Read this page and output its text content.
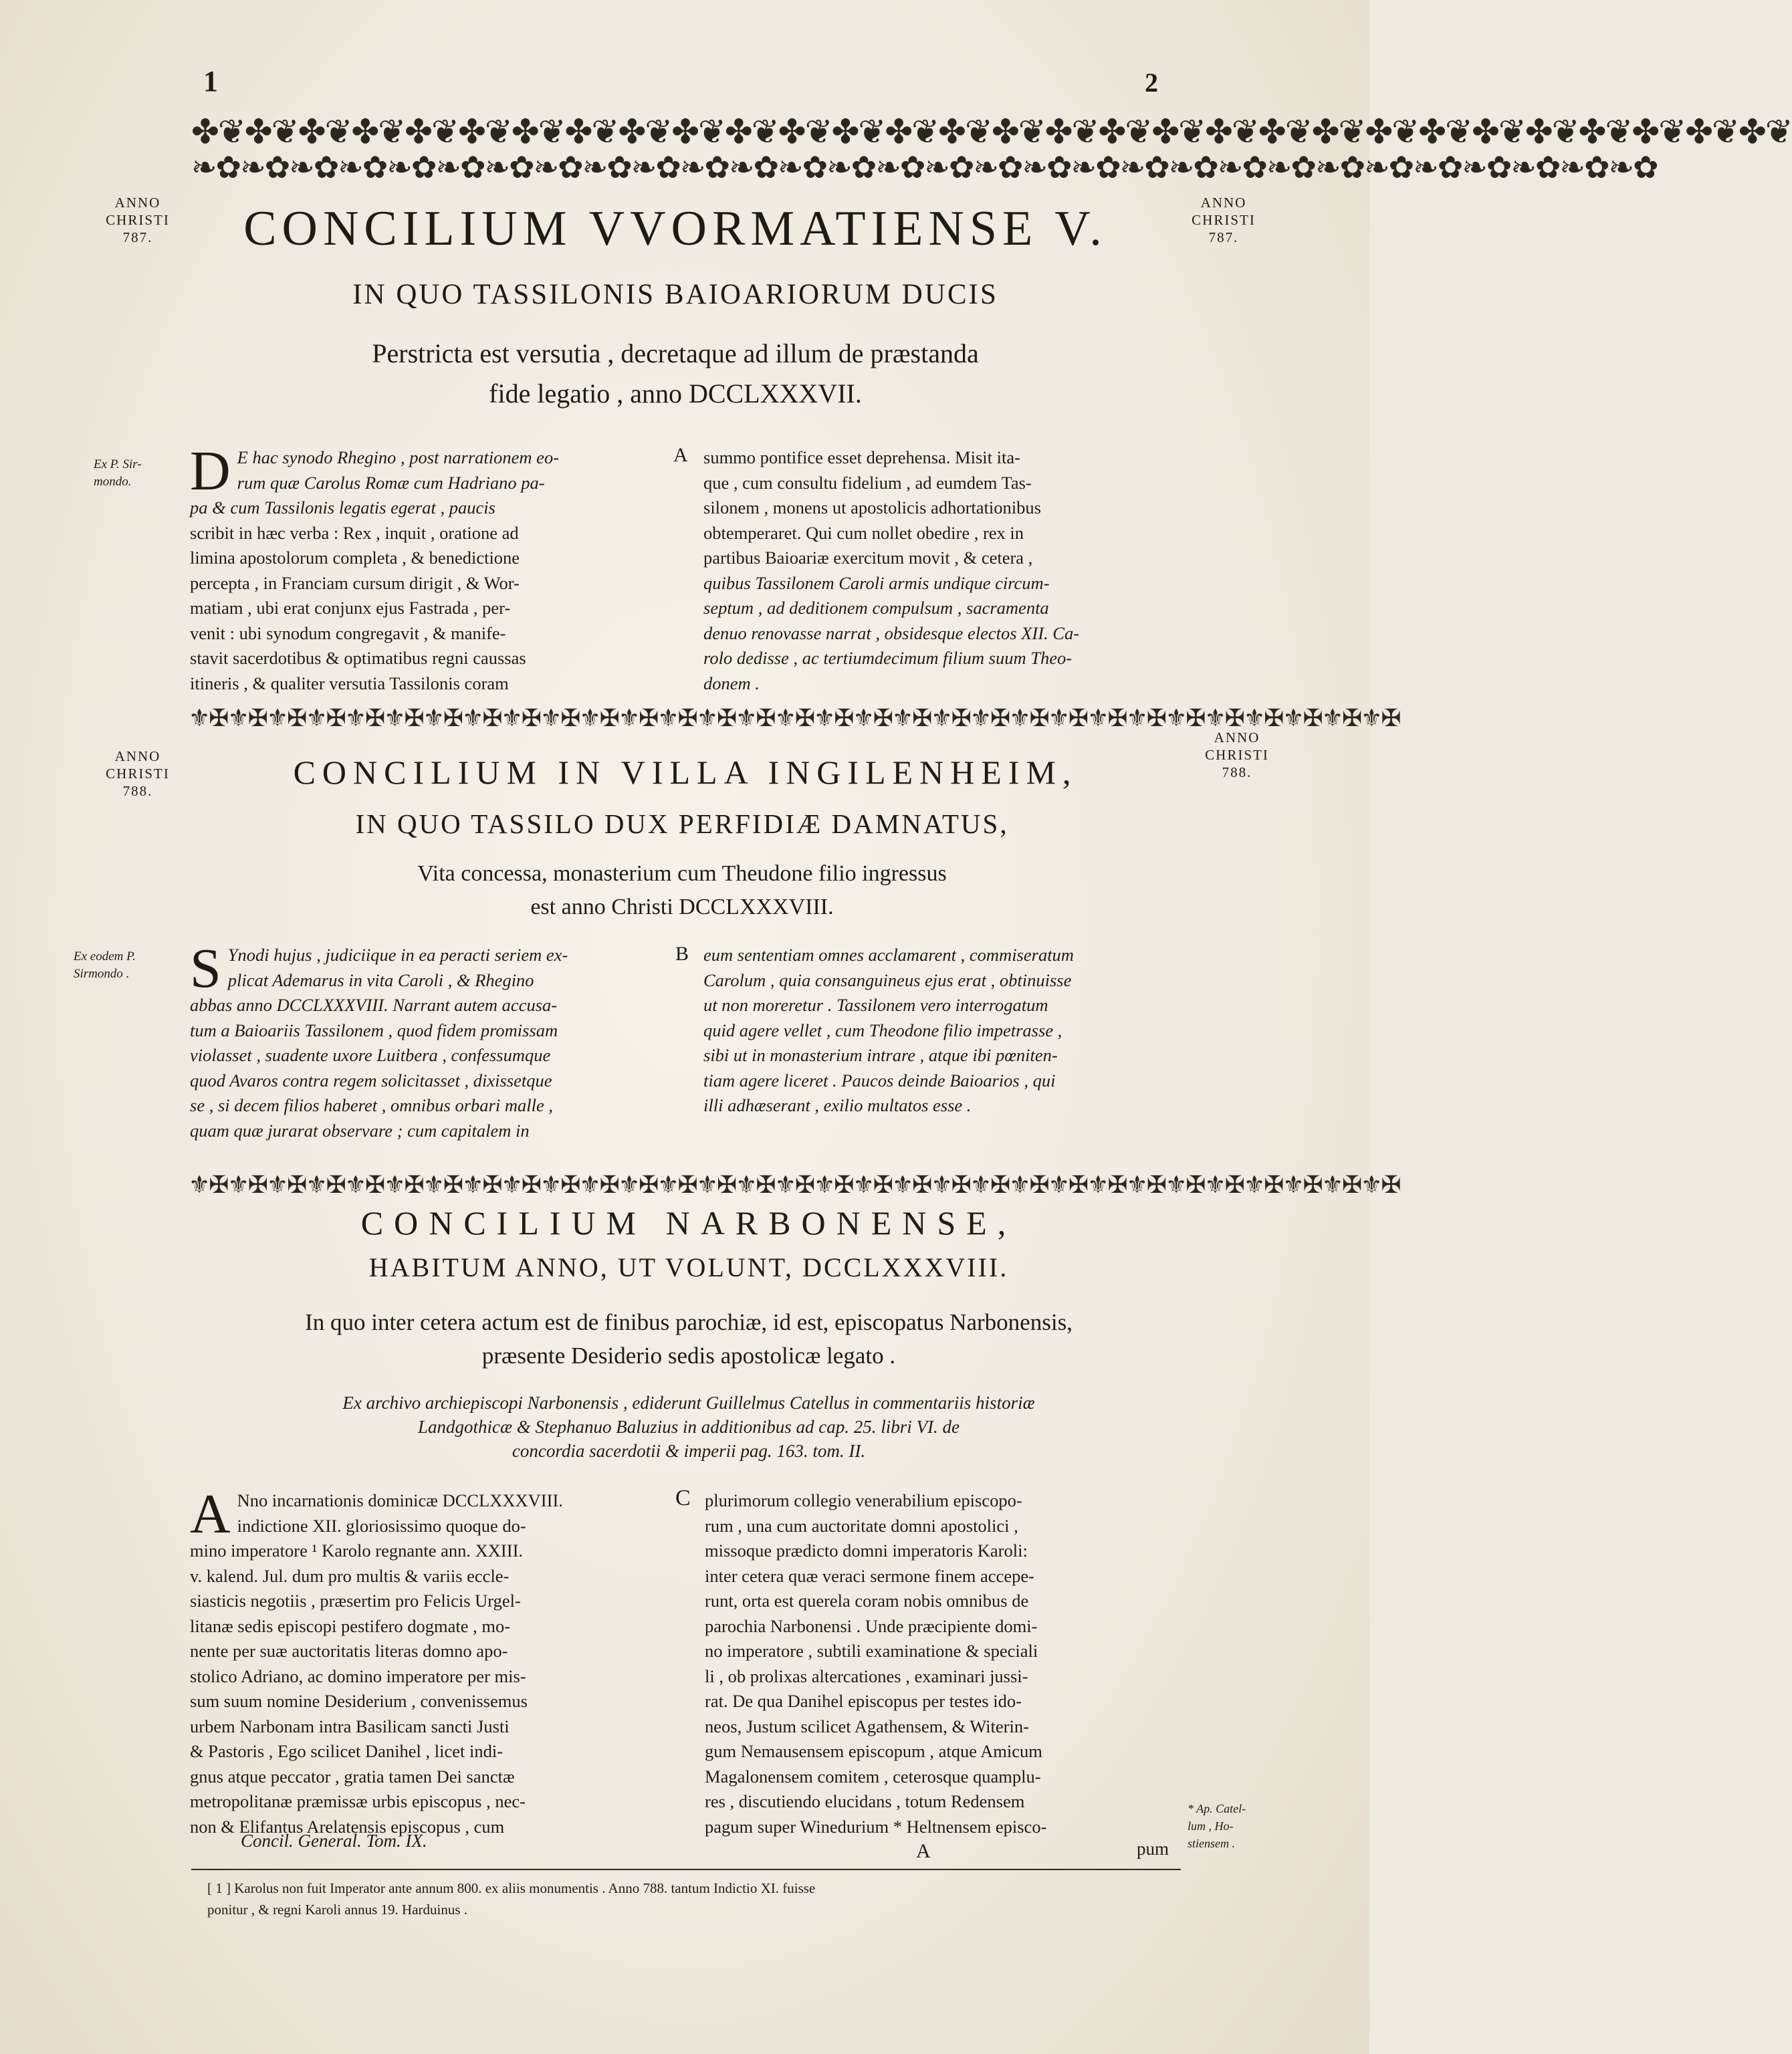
1	2
✤❦✤❦✤❦✤❦✤❦✤❦✤❦✤❦✤❦✤❦✤❦✤❦✤❦✤❦✤❦✤❦✤❦✤❦✤❦✤❦✤❦✤❦✤❦✤❦✤❦✤❦✤❦✤❦✤❦✤❦
❧✿❧✿❧✿❧✿❧✿❧✿❧✿❧✿❧✿❧✿❧✿❧✿❧✿❧✿❧✿❧✿❧✿❧✿❧✿❧✿❧✿❧✿❧✿❧✿❧✿❧✿❧✿❧✿❧✿❧✿
ANNO
CHRISTI
787.
ANNO
CHRISTI
787.
CONCILIUM VVORMATIENSE V.
IN QUO TASSILONIS BAIOARIORUM DUCIS
Perstricta est versutia , decretaque ad illum de præstanda
fide legatio , anno DCCLXXXVII.
Ex P. Sir-
mondo.	D E hac synodo Rhegino , post narrationem eo-
rum quæ Carolus Romæ cum Hadriano pa-
pa & cum Tassilonis legatis egerat , paucis
scribit in hæc verba : Rex , inquit , oratione ad
limina apostolorum completa , & benedictione
percepta , in Franciam cursum dirigit , & Wor-
matiam , ubi erat conjunx ejus Fastrada , per-
venit : ubi synodum congregavit , & manife-
stavit sacerdotibus & optimatibus regni caussas
itineris , & qualiter versutia Tassilonis coram
A summo pontifice esset deprehensa. Misit ita-
que , cum consultu fidelium , ad eumdem Tas-
silonem , monens ut apostolicis adhortationibus
obtemperaret. Qui cum nollet obedire , rex in
partibus Baioariæ exercitum movit , & cetera ,
quibus Tassilonem Caroli armis undique circum-
septum , ad deditionem compulsum , sacramenta
denuo renovasse narrat , obsidesque electos XII. Ca-
rolo dedisse , ac tertiumdecimum filium suum Theo-
donem .
⚜✠⚜✠⚜✠⚜✠⚜✠⚜✠⚜✠⚜✠⚜✠⚜✠⚜✠⚜✠⚜✠⚜✠⚜✠⚜✠⚜✠⚜✠⚜✠⚜✠⚜✠⚜✠⚜✠⚜✠⚜✠⚜✠⚜✠⚜✠⚜✠⚜✠⚜✠
ANNO
CHRISTI
788.
ANNO
CHRISTI
788.
CONCILIUM IN VILLA INGILENHEIM,
IN QUO TASSILO DUX PERFIDIÆ DAMNATUS,
Vita concessa, monasterium cum Theudone filio ingressus
est anno Christi DCCLXXXVIII.
Ex eodem P.
Sirmondo .	S Ynodi hujus , judiciique in ea peracti seriem ex-
plicat Ademarus in vita Caroli , & Rhegino
abbas anno DCCLXXXVIII. Narrant autem accusa-
tum a Baioariis Tassilonem , quod fidem promissam
violasset , suadente uxore Luitbera , confessumque
quod Avaros contra regem solicitasset , dixissetque
se , si decem filios haberet , omnibus orbari malle ,
quam quæ jurarat observare ; cum capitalem in
B eum sententiam omnes acclamarent , commiseratum
Carolum , quia consanguineus ejus erat , obtinuisse
ut non moreretur . Tassilonem vero interrogatum
quid agere vellet , cum Theodone filio impetrasse ,
sibi ut in monasterium intrare , atque ibi pœniten-
tiam agere liceret . Paucos deinde Baioarios , qui
illi adhæserant , exilio multatos esse .
⚜✠⚜✠⚜✠⚜✠⚜✠⚜✠⚜✠⚜✠⚜✠⚜✠⚜✠⚜✠⚜✠⚜✠⚜✠⚜✠⚜✠⚜✠⚜✠⚜✠⚜✠⚜✠⚜✠⚜✠⚜✠⚜✠⚜✠⚜✠⚜✠⚜✠⚜✠
CONCILIUM NARBONENSE,
HABITUM ANNO, UT VOLUNT, DCCLXXXVIII.
In quo inter cetera actum est de finibus parochiæ, id est, episcopatus Narbonensis,
præsente Desiderio sedis apostolicæ legato .
Ex archivo archiepiscopi Narbonensis , ediderunt Guillelmus Catellus in commentariis historiæ
Landgothicæ & Stephanuo Baluzius in additionibus ad cap. 25. libri VI. de
concordia sacerdotii & imperii pag. 163. tom. II.
A Nno incarnationis dominicæ DCCLXXXVIII.
indictione XII. gloriosissimo quoque do-
mino imperatore ¹ Karolo regnante ann. XXIII.
v. kalend. Jul. dum pro multis & variis eccle-
siasticis negotiis , præsertim pro Felicis Urgel-
litanæ sedis episcopi pestifero dogmate , mo-
nente per suæ auctoritatis literas domno apo-
stolico Adriano, ac domino imperatore per mis-
sum suum nomine Desiderium , convenissemus
urbem Narbonam intra Basilicam sancti Justi
& Pastoris , Ego scilicet Danihel , licet indi-
gnus atque peccator , gratia tamen Dei sanctæ
metropolitanæ præmissæ urbis episcopus , nec-
non & Elifantus Arelatensis episcopus , cum
Concil. General. Tom. IX.
C plurimorum collegio venerabilium episcopo-
rum , una cum auctoritate domni apostolici ,
missoque prædicto domni imperatoris Karoli:
inter cetera quæ veraci sermone finem accepe-
runt, orta est querela coram nobis omnibus de
parochia Narbonensi . Unde præcipiente domi-
no imperatore , subtili examinatione & speciali
li , ob prolixas altercationes , examinari jussi-
rat. De qua Danihel episcopus per testes ido-
neos, Justum scilicet Agathensem, & Witerin-
gum Nemausensem episcopum , atque Amicum
Magalonensem comitem , ceterosque quamplu-
res , discutiendo elucidans , totum Redensem
pagum super Winedurium * Heltnensem episco-
pum
A
* Ap. Catel-
lum , Ho-
stiensem .
[ 1 ] Karolus non fuit Imperator ante annum 800. ex aliis monumentis . Anno 788. tantum Indictio XI. fuisse
ponitur , & regni Karoli annus 19. Harduinus .
